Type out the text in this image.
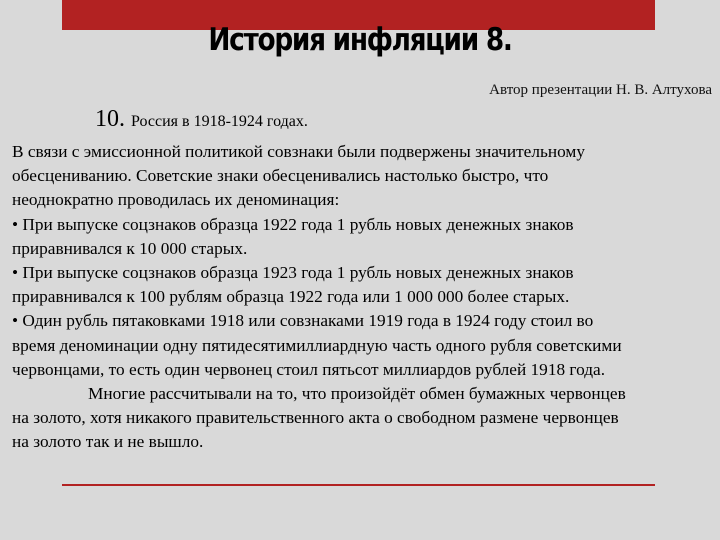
История инфляции 8.
Автор презентации Н. В. Алтухова
10. Россия в 1918-1924 годах.
В связи с эмиссионной политикой совзнаки были подвержены значительному
обесцениванию. Советские знаки обесценивались настолько быстро, что
неоднократно проводилась их деноминация:
• При выпуске соцзнаков образца 1922 года 1 рубль новых денежных знаков
приравнивался к 10 000 старых.
• При выпуске соцзнаков образца 1923 года 1 рубль новых денежных знаков
приравнивался к 100 рублям образца 1922 года или 1 000 000 более старых.
• Один рубль пятаковками 1918 или совзнаками 1919 года в 1924 году стоил во
время деноминации одну пятидесятимиллиардную часть одного рубля советскими
червонцами, то есть один червонец стоил пятьсот миллиардов рублей 1918 года.
Многие рассчитывали на то, что произойдёт обмен бумажных червонцев
на золото, хотя никакого правительственного акта о свободном размене червонцев
на золото так и не вышло.
